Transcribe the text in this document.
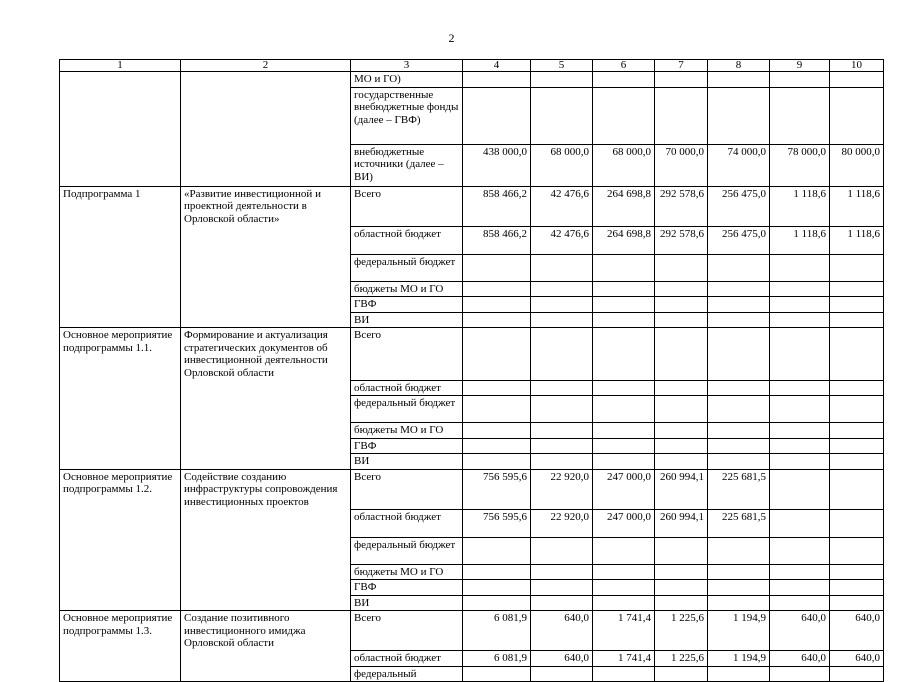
2
1	2	3	4	5	6	7	8	9	10
		МО и ГО)							
		государственные внебюджетные фонды (далее – ГВФ)							
		внебюджетные источники (далее – ВИ)	438 000,0	68 000,0	68 000,0	70 000,0	74 000,0	78 000,0	80 000,0
Подпрограмма 1	«Развитие инвестиционной и проектной деятельности в Орловской области»	Всего	858 466,2	42 476,6	264 698,8	292 578,6	256 475,0	1 118,6	1 118,6
		областной бюджет	858 466,2	42 476,6	264 698,8	292 578,6	256 475,0	1 118,6	1 118,6
		федеральный бюджет							
		бюджеты МО и ГО							
		ГВФ							
		ВИ							
Основное мероприятие подпрограммы 1.1.	Формирование и актуализация стратегических документов об инвестиционной деятельности Орловской области	Всего							
		областной бюджет							
		федеральный бюджет							
		бюджеты МО и ГО							
		ГВФ							
		ВИ							
Основное мероприятие подпрограммы 1.2.	Содействие созданию инфраструктуры сопровождения инвестиционных проектов	Всего	756 595,6	22 920,0	247 000,0	260 994,1	225 681,5		
		областной бюджет	756 595,6	22 920,0	247 000,0	260 994,1	225 681,5		
		федеральный бюджет							
		бюджеты МО и ГО							
		ГВФ							
		ВИ							
Основное мероприятие подпрограммы 1.3.	Создание позитивного инвестиционного имиджа Орловской области	Всего	6 081,9	640,0	1 741,4	1 225,6	1 194,9	640,0	640,0
		областной бюджет	6 081,9	640,0	1 741,4	1 225,6	1 194,9	640,0	640,0
		федеральный							
